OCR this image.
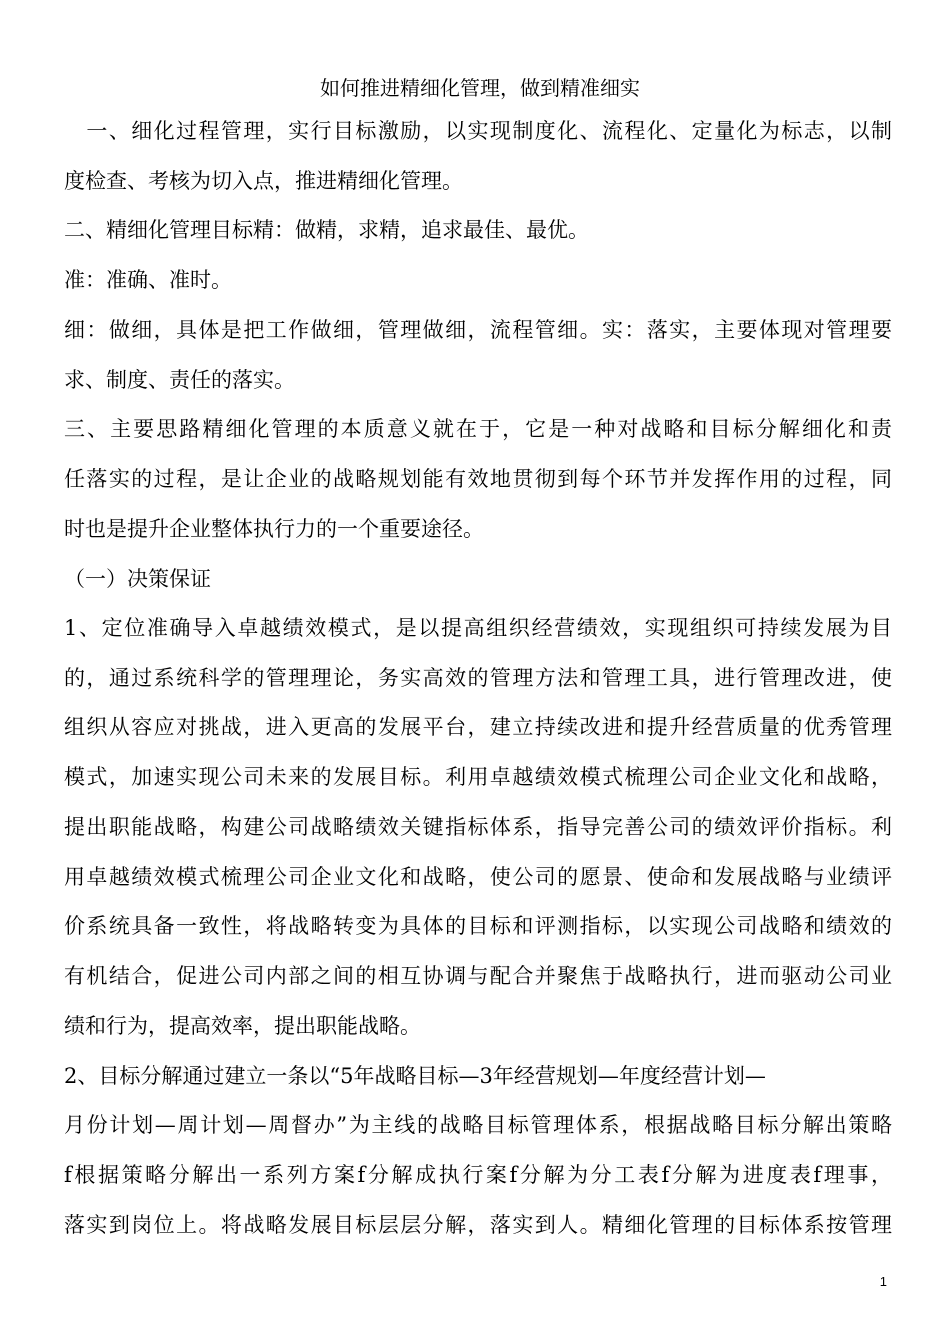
如何推进精细化管理，做到精准细实
　一、细化过程管理，实行目标激励，以实现制度化、流程化、定量化为标志，以制
度检查、考核为切入点，推进精细化管理。
二、精细化管理目标精：做精，求精，追求最佳、最优。
准：准确、准时。
细：做细，具体是把工作做细，管理做细，流程管细。实：落实，主要体现对管理要
求、制度、责任的落实。
三、主要思路精细化管理的本质意义就在于，它是一种对战略和目标分解细化和责
任落实的过程，是让企业的战略规划能有效地贯彻到每个环节并发挥作用的过程，同
时也是提升企业整体执行力的一个重要途径。
（一）决策保证
1、定位准确导入卓越绩效模式，是以提高组织经营绩效，实现组织可持续发展为目
的，通过系统科学的管理理论，务实高效的管理方法和管理工具，进行管理改进，使
组织从容应对挑战，进入更高的发展平台，建立持续改进和提升经营质量的优秀管理
模式，加速实现公司未来的发展目标。利用卓越绩效模式梳理公司企业文化和战略，
提出职能战略，构建公司战略绩效关键指标体系，指导完善公司的绩效评价指标。利
用卓越绩效模式梳理公司企业文化和战略，使公司的愿景、使命和发展战略与业绩评
价系统具备一致性，将战略转变为具体的目标和评测指标，以实现公司战略和绩效的
有机结合，促进公司内部之间的相互协调与配合并聚焦于战略执行，进而驱动公司业
绩和行为，提高效率，提出职能战略。
2、目标分解通过建立一条以“5年战略目标—3年经营规划—年度经营计划—
月份计划—周计划—周督办”为主线的战略目标管理体系，根据战略目标分解出策略
f根据策略分解出一系列方案f分解成执行案f分解为分工表f分解为进度表f理事，
落实到岗位上。将战略发展目标层层分解，落实到人。精细化管理的目标体系按管理
1
